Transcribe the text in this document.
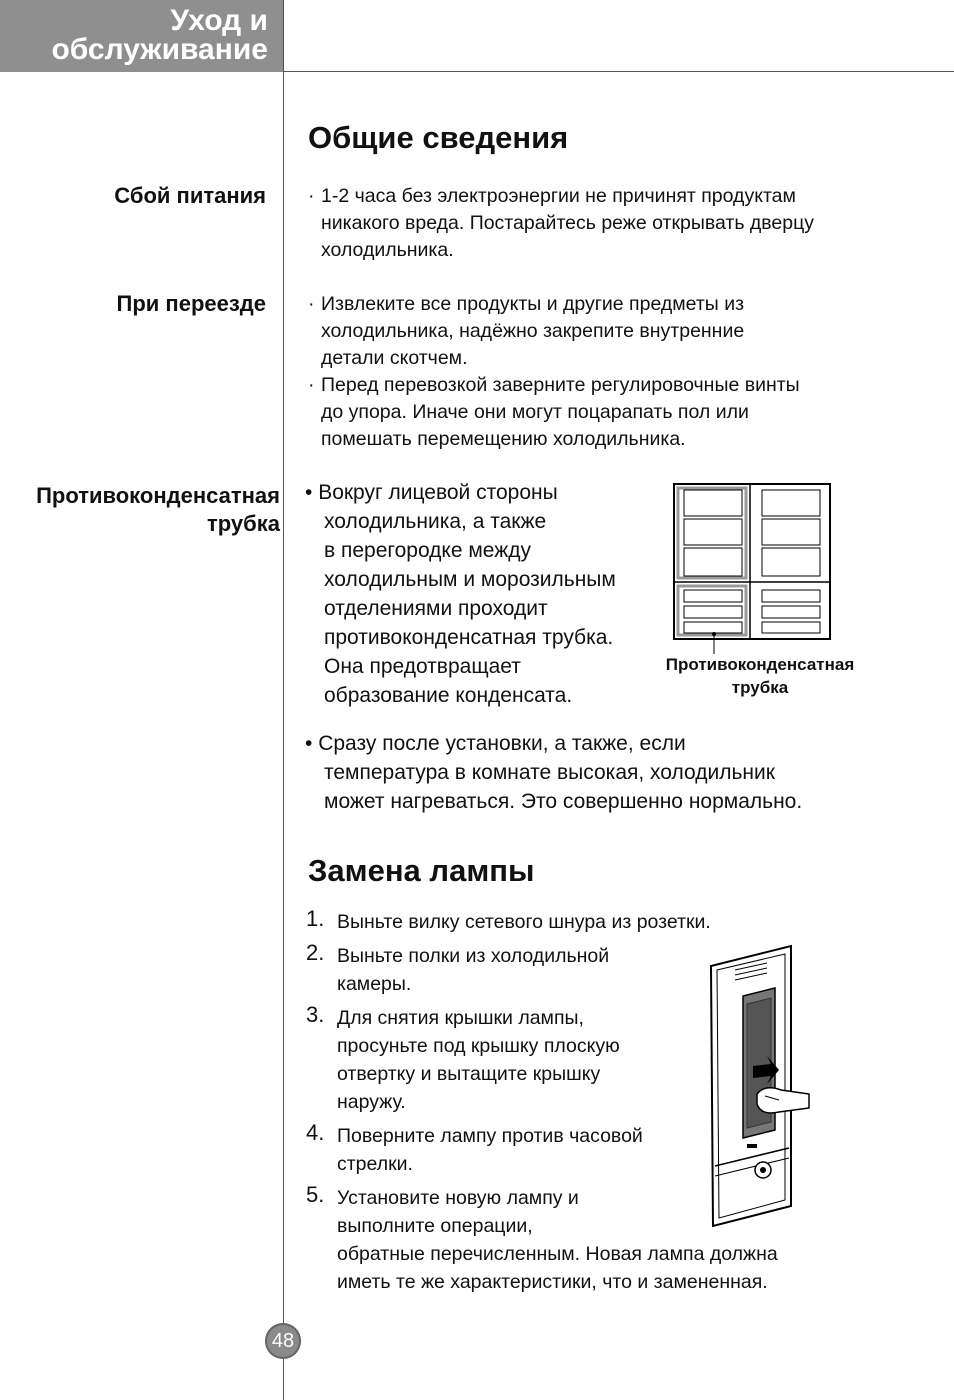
Уход и
обслуживание
Общие сведения
Сбой питания · 1-2 часа без электроэнергии не причинят продуктам
никакого вреда. Постарайтесь реже открывать дверцу
холодильника.
При переезде · Извлеките все продукты и другие предметы из
холодильника, надёжно закрепите внутренние
детали скотчем.
· Перед перевозкой заверните регулировочные винты
до упора. Иначе они могут поцарапать пол или
помешать перемещению холодильника.
Противоконденсатная
трубка
• Вокруг лицевой стороны
холодильника, а также
в перегородке между
холодильным и морозильным
отделениями проходит
противоконденсатная трубка.
Она предотвращает
образование конденсата.
Противоконденсатная
трубка
• Сразу после установки, а также, если
температура в комнате высокая, холодильник
может нагреваться. Это совершенно нормально.
Замена лампы
1. Выньте вилку сетевого шнура из розетки.
2. Выньте полки из холодильной
камеры.
3. Для снятия крышки лампы,
просуньте под крышку плоскую
отвертку и вытащите крышку
наружу.
4. Поверните лампу против часовой
стрелки.
5. Установите новую лампу и
выполните операции,
обратные перечисленным. Новая лампа должна
иметь те же характеристики, что и замененная.
48
